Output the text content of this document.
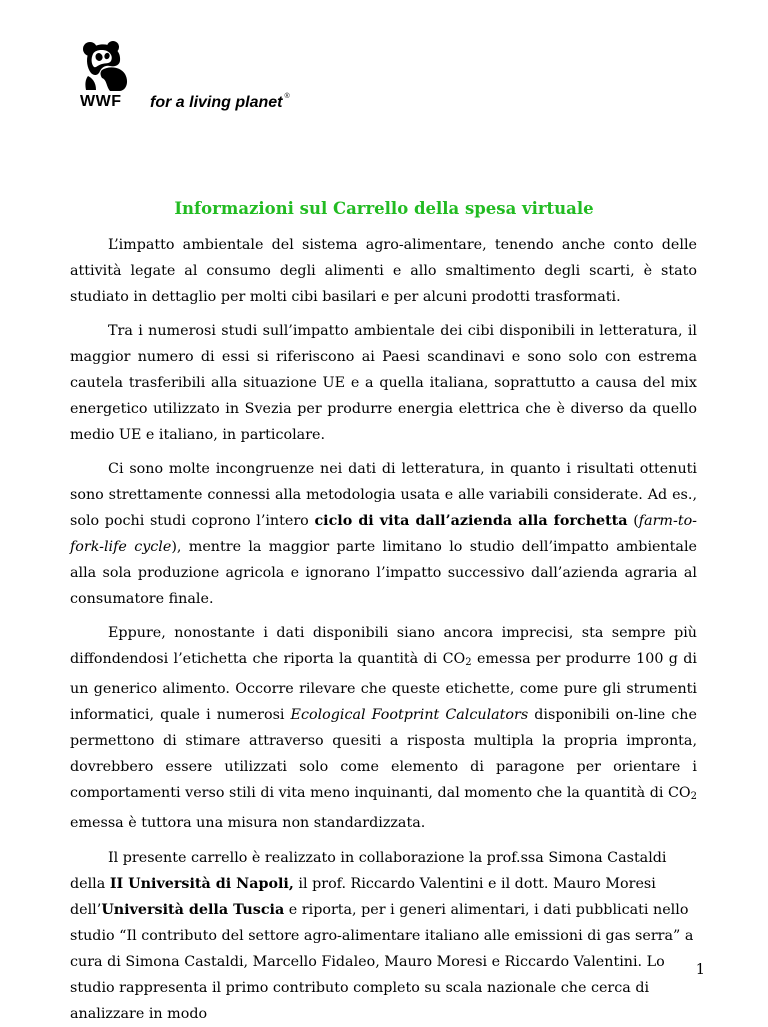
WWF for a living planet ®
Informazioni sul Carrello della spesa virtuale

L’impatto ambientale del sistema agro-alimentare, tenendo anche conto delle attività legate al consumo degli alimenti e allo smaltimento degli scarti, è stato studiato in dettaglio per molti cibi basilari e per alcuni prodotti trasformati.

Tra i numerosi studi sull’impatto ambientale dei cibi disponibili in letteratura, il maggior numero di essi si riferiscono ai Paesi scandinavi e sono solo con estrema cautela trasferibili alla situazione UE e a quella italiana, soprattutto a causa del mix energetico utilizzato in Svezia per produrre energia elettrica che è diverso da quello medio UE e italiano, in particolare.

Ci sono molte incongruenze nei dati di letteratura, in quanto i risultati ottenuti sono strettamente connessi alla metodologia usata e alle variabili considerate. Ad es., solo pochi studi coprono l’intero ciclo di vita dall’azienda alla forchetta (farm-to-fork-life cycle), mentre la maggior parte limitano lo studio dell’impatto ambientale alla sola produzione agricola e ignorano l’impatto successivo dall’azienda agraria al consumatore finale.

Eppure, nonostante i dati disponibili siano ancora imprecisi, sta sempre più diffondendosi l’etichetta che riporta la quantità di $CO_2$ emessa per produrre 100 g di un generico alimento. Occorre rilevare che queste etichette, come pure gli strumenti informatici, quale i numerosi Ecological Footprint Calculators disponibili on-line che permettono di stimare attraverso quesiti a risposta multipla la propria impronta, dovrebbero essere utilizzati solo come elemento di paragone per orientare i comportamenti verso stili di vita meno inquinanti, dal momento che la quantità di $CO_2$ emessa è tuttora una misura non standardizzata.

Il presente carrello è realizzato in collaborazione la prof.ssa Simona Castaldi della II Università di Napoli, il prof. Riccardo Valentini e il dott. Mauro Moresi dell’Università della Tuscia e riporta, per i generi alimentari, i dati pubblicati nello studio “Il contributo del settore agro-alimentare italiano alle emissioni di gas serra” a cura di Simona Castaldi, Marcello Fidaleo, Mauro Moresi e Riccardo Valentini. Lo studio rappresenta il primo contributo completo su scala nazionale che cerca di analizzare in modo

1
